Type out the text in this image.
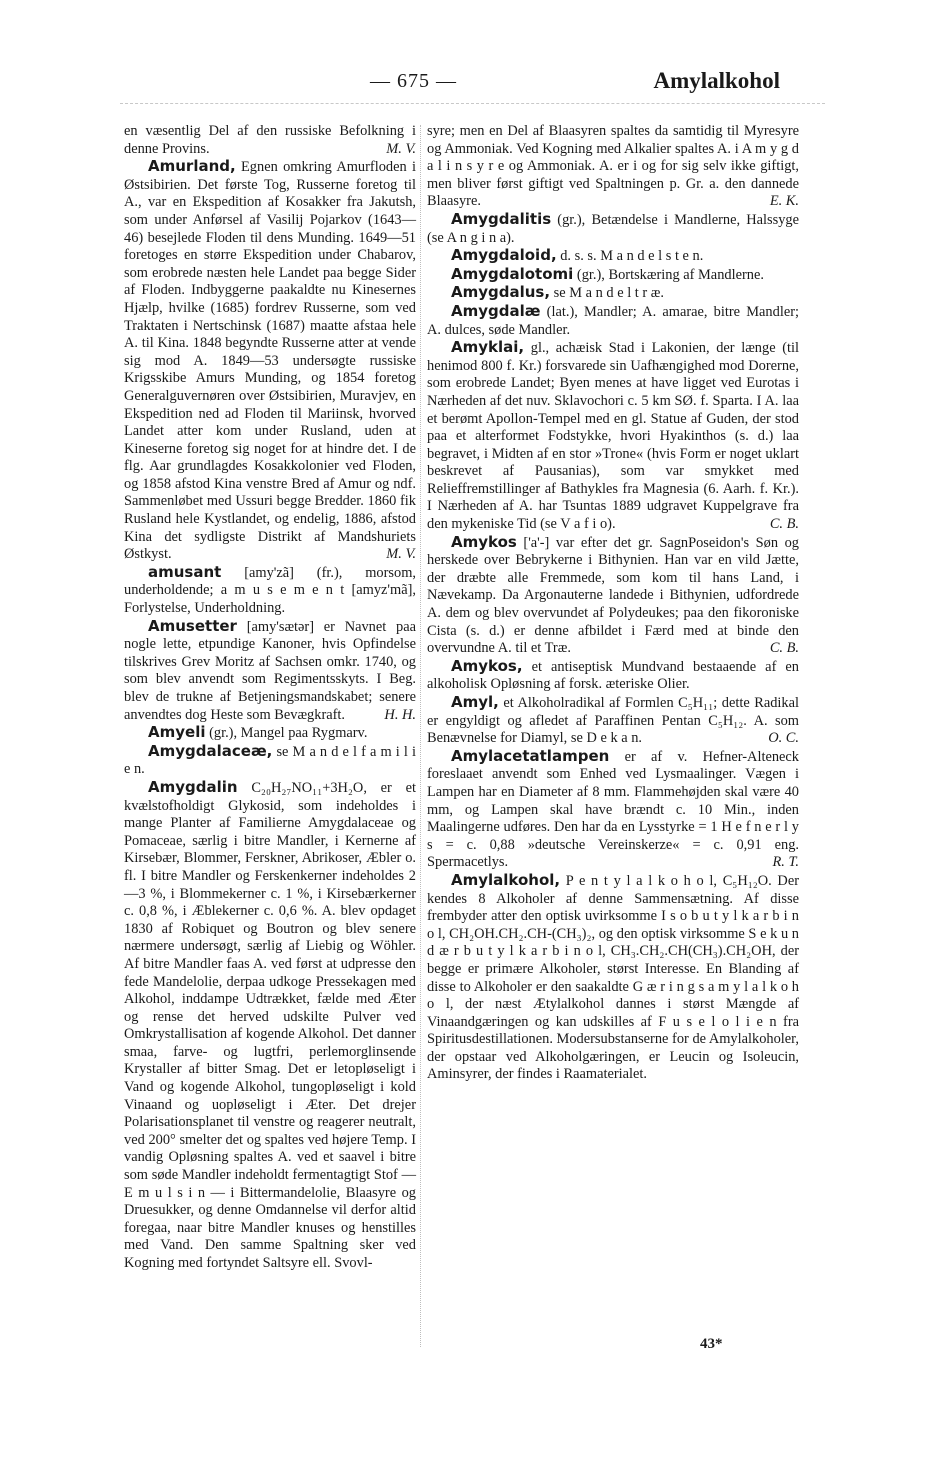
— 675 —	Amylalkohol

en væsentlig Del af den russiske Befolkning i denne Provins.	M. V.

Amurland, Egnen omkring Amurfloden i Østsibirien. Det første Tog, Russerne foretog til A., var en Ekspedition af Kosakker fra Jakutsh, som under Anførsel af Vasilij Pojarkov (1643—46) besejlede Floden til dens Munding. 1649—51 foretoges en større Ekspedition under Chabarov, som erobrede næsten hele Landet paa begge Sider af Floden. Indbyggerne paakaldte nu Kinesernes Hjælp, hvilke (1685) fordrev Russerne, som ved Traktaten i Nertschinsk (1687) maatte afstaa hele A. til Kina. 1848 begyndte Russerne atter at vende sig mod A. 1849—53 undersøgte russiske Krigsskibe Amurs Munding, og 1854 foretog Generalguvernøren over Østsibirien, Muravjev, en Ekspedition ned ad Floden til Mariinsk, hvorved Landet atter kom under Rusland, uden at Kineserne foretog sig noget for at hindre det. I de flg. Aar grundlagdes Kosakkolonier ved Floden, og 1858 afstod Kina venstre Bred af Amur og ndf. Sammenløbet med Ussuri begge Bredder. 1860 fik Rusland hele Kystlandet, og endelig, 1886, afstod Kina det sydligste Distrikt af Mandshuriets Østkyst.	M. V.

amusant [amy'zã] (fr.), morsom, underholdende; a m u s e m e n t [amyz'mã], Forlystelse, Underholdning.

Amusetter [amy'sætər] er Navnet paa nogle lette, etpundige Kanoner, hvis Opfindelse tilskrives Grev Moritz af Sachsen omkr. 1740, og som blev anvendt som Regimentsskyts. I Beg. blev de trukne af Betjeningsmandskabet; senere anvendtes dog Heste som Bevægkraft.	H. H.

Amyeli (gr.), Mangel paa Rygmarv.

Amygdalaceæ, se M a n d e l f a m i l i e n.

Amygdalin C₂₀H₂₇NO₁₁+3H₂O, er et kvælstofholdigt Glykosid, som indeholdes i mange Planter af Familierne Amygdalaceae og Pomaceae, særlig i bitre Mandler, i Kernerne af Kirsebær, Blommer, Ferskner, Abrikoser, Æbler o. fl. I bitre Mandler og Ferskenkerner indeholdes 2—3 %, i Blommekerner c. 1 %, i Kirsebærkerner c. 0,8 %, i Æblekerner c. 0,6 %. A. blev opdaget 1830 af Robiquet og Boutron og blev senere nærmere undersøgt, særlig af Liebig og Wöhler. Af bitre Mandler faas A. ved først at udpresse den fede Mandelolie, derpaa udkoge Pressekagen med Alkohol, inddampe Udtrækket, fælde med Æter og rense det herved udskilte Pulver ved Omkrystallisation af kogende Alkohol. Det danner smaa, farve- og lugtfri, perlemorglinsende Krystaller af bitter Smag. Det er letopløseligt i Vand og kogende Alkohol, tungopløseligt i kold Vinaand og uopløseligt i Æter. Det drejer Polarisationsplanet til venstre og reagerer neutralt, ved 200° smelter det og spaltes ved højere Temp. I vandig Opløsning spaltes A. ved et saavel i bitre som søde Mandler indeholdt fermentagtigt Stof — E m u l s i n — i Bittermandelolie, Blaasyre og Druesukker, og denne Omdannelse vil derfor altid foregaa, naar bitre Mandler knuses og henstilles med Vand. Den samme Spaltning sker ved Kogning med fortyndet Saltsyre ell. Svovl-

syre; men en Del af Blaasyren spaltes da samtidig til Myresyre og Ammoniak. Ved Kogning med Alkalier spaltes A. i A m y g d a l i n s y r e og Ammoniak. A. er i og for sig selv ikke giftigt, men bliver først giftigt ved Spaltningen p. Gr. a. den dannede Blaasyre.	E. K.

Amygdalitis (gr.), Betændelse i Mandlerne, Halssyge (se A n g i n a).

Amygdaloid, d. s. s. M a n d e l s t e n.

Amygdalotomi (gr.), Bortskæring af Mandlerne.

Amygdalus, se M a n d e l t r æ.

Amygdalæ (lat.), Mandler; A. amarae, bitre Mandler; A. dulces, søde Mandler.

Amyklai, gl., achæisk Stad i Lakonien, der længe (til henimod 800 f. Kr.) forsvarede sin Uafhængighed mod Dorerne, som erobrede Landet; Byen menes at have ligget ved Eurotas i Nærheden af det nuv. Sklavochori c. 5 km SØ. f. Sparta. I A. laa et berømt Apollon-Tempel med en gl. Statue af Guden, der stod paa et alterformet Fodstykke, hvori Hyakinthos (s. d.) laa begravet, i Midten af en stor »Trone« (hvis Form er noget uklart beskrevet af Pausanias), som var smykket med Relieffremstillinger af Bathykles fra Magnesia (6. Aarh. f. Kr.). I Nærheden af A. har Tsuntas 1889 udgravet Kuppelgrave fra den mykeniske Tid (se V a f i o).	C. B.

Amykos ['a'-] var efter det gr. SagnPoseidon's Søn og herskede over Bebrykerne i Bithynien. Han var en vild Jætte, der dræbte alle Fremmede, som kom til hans Land, i Nævekamp. Da Argonauterne landede i Bithynien, udfordrede A. dem og blev overvundet af Polydeukes; paa den fikoroniske Cista (s. d.) er denne afbildet i Færd med at binde den overvundne A. til et Træ.	C. B.

Amykos, et antiseptisk Mundvand bestaaende af en alkoholisk Opløsning af forsk. æteriske Olier.

Amyl, et Alkoholradikal af Formlen C₅H₁₁; dette Radikal er engyldigt og afledet af Paraffinen Pentan C₅H₁₂. A. som Benævnelse for Diamyl, se D e k a n.	O. C.

Amylacetatlampen er af v. Hefner-Alteneck foreslaaet anvendt som Enhed ved Lysmaalinger. Vægen i Lampen har en Diameter af 8 mm. Flammehøjden skal være 40 mm, og Lampen skal have brændt c. 10 Min., inden Maalingerne udføres. Den har da en Lysstyrke = 1 H e f n e r l y s = c. 0,88 »deutsche Vereinskerze« = c. 0,91 eng. Spermacetlys.	R. T.

Amylalkohol, P e n t y l a l k o h o l, C₅H₁₂O. Der kendes 8 Alkoholer af denne Sammensætning. Af disse frembyder atter den optisk uvirksomme I s o b u t y l k a r b i n o l, CH₂OH.CH₂.CH-(CH₃)₂, og den optisk virksomme S e k u n d æ r b u t y l k a r b i n o l, CH₃.CH₂.CH(CH₃).CH₂OH, der begge er primære Alkoholer, størst Interesse. En Blanding af disse to Alkoholer er den saakaldte G æ r i n g s a m y l a l k o h o l, der næst Ætylalkohol dannes i størst Mængde af Vinaandgæringen og kan udskilles af F u s e l o l i e n fra Spiritusdestillationen. Modersubstanserne for de Amylalkoholer, der opstaar ved Alkoholgæringen, er Leucin og Isoleucin, Aminsyrer, der findes i Raamaterialet.

43*
